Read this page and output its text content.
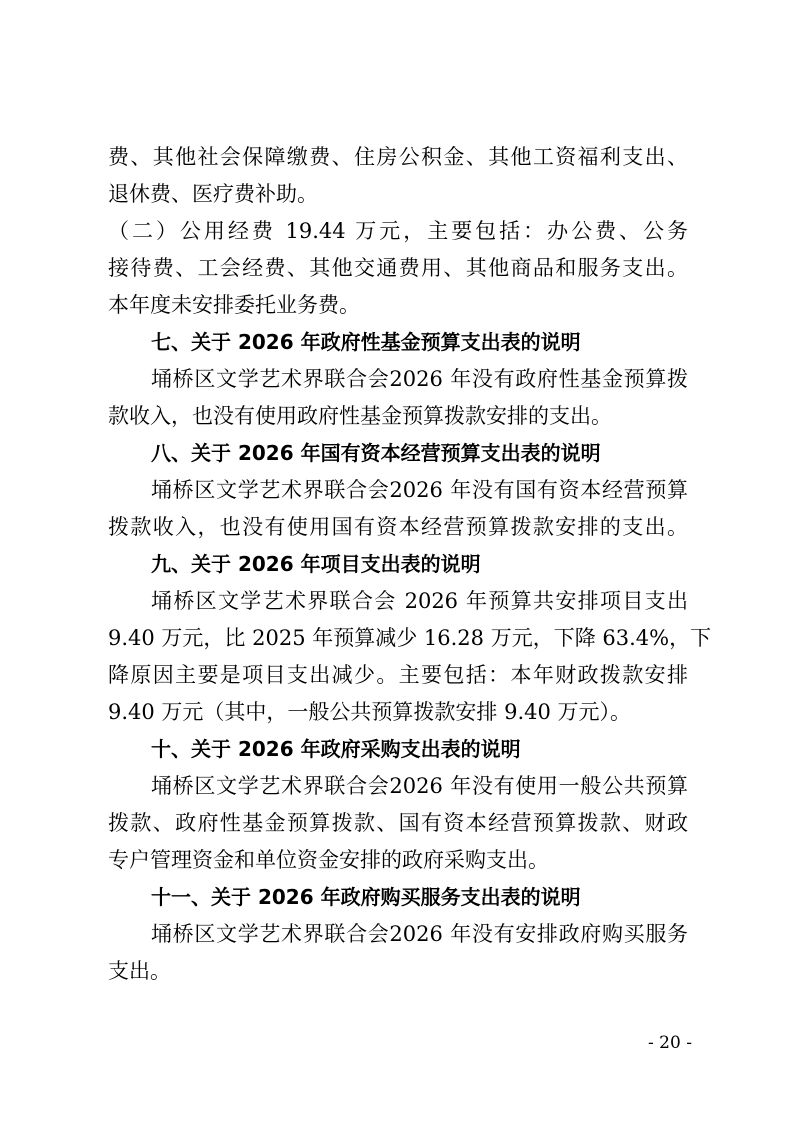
费、其他社会保障缴费、住房公积金、其他工资福利支出、
退休费、医疗费补助。
（二）公用经费 19.44 万元，主要包括：办公费、公务
接待费、工会经费、其他交通费用、其他商品和服务支出。
本年度未安排委托业务费。
七、关于 2026 年政府性基金预算支出表的说明
埇桥区文学艺术界联合会2026 年没有政府性基金预算拨
款收入，也没有使用政府性基金预算拨款安排的支出。
八、关于 2026 年国有资本经营预算支出表的说明
埇桥区文学艺术界联合会2026 年没有国有资本经营预算
拨款收入，也没有使用国有资本经营预算拨款安排的支出。
九、关于 2026 年项目支出表的说明
埇桥区文学艺术界联合会 2026 年预算共安排项目支出
9.40 万元，比 2025 年预算减少 16.28 万元，下降 63.4%，下
降原因主要是项目支出减少。主要包括：本年财政拨款安排
9.40 万元（其中，一般公共预算拨款安排 9.40 万元）。
十、关于 2026 年政府采购支出表的说明
埇桥区文学艺术界联合会2026 年没有使用一般公共预算
拨款、政府性基金预算拨款、国有资本经营预算拨款、财政
专户管理资金和单位资金安排的政府采购支出。
十一、关于 2026 年政府购买服务支出表的说明
埇桥区文学艺术界联合会2026 年没有安排政府购买服务
支出。
- 20 -
